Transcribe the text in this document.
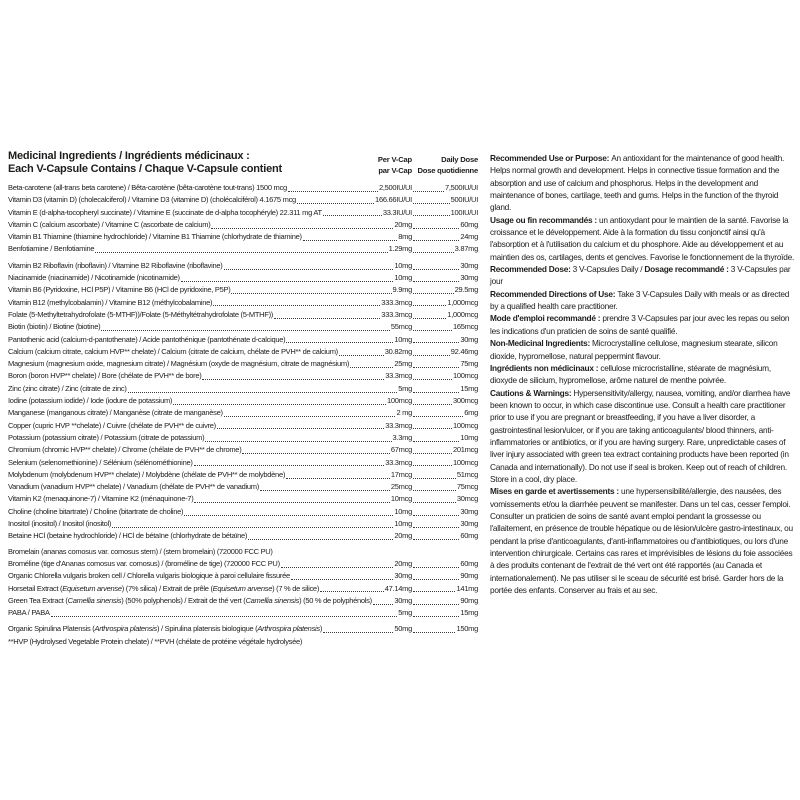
Medicinal Ingredients / Ingrédients médicinaux :
Each V-Capsule Contains / Chaque V-Capsule contient
Per V-Cap
par V-Cap
Daily Dose
Dose quotidienne
Beta-carotene (all-trans beta carotene) / Bêta-carotène (bêta-carotène tout-trans) 1500 mcg	2,500IU/UI	7,500IU/UI
Vitamin D3 (vitamin D) (cholecalciferol) / Vitamine D3 (vitamine D) (cholécalciférol) 4.1675 mcg	166.66IU/UI	500IU/UI
Vitamin E (d-alpha-tocopheryl succinate) / Vitamine E (succinate de d-alpha tocophéryle) 22.311 mg AT	33.3IU/UI	100IU/UI
Vitamin C (calcium ascorbate) / Vitamine C (ascorbate de calcium)	20mg	60mg
Vitamin B1 Thiamine (thiamine hydrochloride) / Vitamine B1 Thiamine (chlorhydrate de thiamine)	8mg	24mg
Benfotiamine / Benfotiamine	1.29mg	3.87mg
Vitamin B2 Riboflavin (riboflavin) / Vitamine B2 Riboflavine (riboflavine)	10mg	30mg
Niacinamide (niacinamide) / Nicotinamide (nicotinamide)	10mg	30mg
Vitamin B6 (Pyridoxine, HCl P5P) / Vitamine B6 (HCl de pyridoxine, P5P)	9.9mg	29.5mg
Vitamin B12 (methylcobalamin) / Vitamine B12 (méthylcobalamine)	333.3mcg	1,000mcg
Folate (5-Methyltetrahydrofolate (5-MTHF))/Folate (5-Méthyltétrahydrofolate (5-MTHF))	333.3mcg	1,000mcg
Biotin (biotin) / Biotine (biotine)	55mcg	165mcg
Pantothenic acid (calcium-d-pantothenate) / Acide pantothénique (pantothénate d-calcique)	10mg	30mg
Calcium (calcium citrate, calcium HVP** chelate) / Calcium (citrate de calcium, chélate de PVH** de calcium)	30.82mg	92.46mg
Magnesium (magnesium oxide, magnesium citrate) / Magnésium (oxyde de magnésium, citrate de magnésium)	25mg	75mg
Boron (boron HVP** chelate) / Bore (chélate de PVH** de bore)	33.3mcg	100mcg
Zinc (zinc citrate) / Zinc (citrate de zinc)	5mg	15mg
Iodine (potassium iodide) / Iode (iodure de potassium)	100mcg	300mcg
Manganese (manganous citrate) / Manganèse (citrate de manganèse)	2 mg	6mg
Copper (cupric HVP **chelate) / Cuivre (chélate de PVH** de cuivre)	33.3mcg	100mcg
Potassium (potassium citrate) / Potassium (citrate de potassium)	3.3mg	10mg
Chromium (chromic HVP** chelate) / Chrome (chélate de PVH** de chrome)	67mcg	201mcg
Selenium (selenomethionine) / Sélénium (sélénométhionine)	33.3mcg	100mcg
Molybdenum (molybdenum HVP** chelate) / Molybdène (chélate de PVH** de molybdène)	17mcg	51mcg
Vanadium (vanadium HVP** chelate) / Vanadium (chélate de PVH** de vanadium)	25mcg	75mcg
Vitamin K2 (menaquinone-7) / Vitamine K2 (ménaquinone-7)	10mcg	30mcg
Choline (choline bitartrate) / Choline (bitartrate de choline)	10mg	30mg
Inositol (inositol) / Inositol (inositol)	10mg	30mg
Betaine HCl (betaine hydrochloride) / HCl de bétaïne (chlorhydrate de bétaïne)	20mg	60mg
Bromelain (ananas comosus var. comosus stem) / (stem bromelain) (720000 FCC PU)
Broméline (tige d'Ananas comosus var. comosus) / (broméline de tige) (720000 FCC PU)	20mg	60mg
Organic Chlorella vulgaris broken cell / Chlorella vulgaris biologique à paroi cellulaire fissurée	30mg	90mg
Horsetail Extract (Equisetum arvense) (7% silica) / Extrait de prêle (Equisetum arvense) (7 % de silice)	47.14mg	141mg
Green Tea Extract (Camellia sinensis) (50% polyphenols) / Extrait de thé vert (Camellia sinensis) (50 % de polyphénols)	30mg	90mg
PABA / PABA	5mg	15mg
Organic Spirulina Platensis (Arthrospira platensis) / Spirulina platensis biologique (Arthrospira platensis)	50mg	150mg
**HVP (Hydrolysed Vegetable Protein chelate) / **PVH (chélate de protéine végétale hydrolysée)

Recommended Use or Purpose: An antioxidant for the maintenance of good health. Helps normal growth and development. Helps in connective tissue formation and the absorption and use of calcium and phosphorus. Helps in the development and maintenance of bones, cartilage, teeth and gums. Helps in the function of the thyroid gland.

Usage ou fin recommandés : un antioxydant pour le maintien de la santé. Favorise la croissance et le développement. Aide à la formation du tissu conjonctif ainsi qu'à l'absorption et à l'utilisation du calcium et du phosphore. Aide au développement et au maintien des os, cartilages, dents et gencives. Favorise le fonctionnement de la thyroïde.

Recommended Dose: 3 V-Capsules Daily / Dosage recommandé : 3 V-Capsules par jour

Recommended Directions of Use: Take 3 V-Capsules Daily with meals or as directed by a qualified health care practitioner.

Mode d'emploi recommandé : prendre 3 V-Capsules par jour avec les repas ou selon les indications d'un praticien de soins de santé qualifié.

Non-Medicinal Ingredients: Microcrystalline cellulose, magnesium stearate, silicon dioxide, hypromellose, natural peppermint flavour.

Ingrédients non médicinaux : cellulose microcristalline, stéarate de magnésium, dioxyde de silicium, hypromellose, arôme naturel de menthe poivrée.

Cautions & Warnings: Hypersensitivity/allergy, nausea, vomiting, and/or diarrhea have been known to occur, in which case discontinue use. Consult a health care practitioner prior to use if you are pregnant or breastfeeding, if you have a liver disorder, a gastrointestinal lesion/ulcer, or if you are taking anticoagulants/ blood thinners, anti-inflammatories or antibiotics, or if you are having surgery. Rare, unpredictable cases of liver injury associated with green tea extract containing products have been reported (in Canada and internationally). Do not use if seal is broken. Keep out of reach of children. Store in a cool, dry place.

Mises en garde et avertissements : une hypersensibilité/allergie, des nausées, des vomissements et/ou la diarrhée peuvent se manifester. Dans un tel cas, cesser l'emploi. Consulter un praticien de soins de santé avant emploi pendant la grossesse ou l'allaitement, en présence de trouble hépatique ou de lésion/ulcère gastro-intestinaux, ou pendant la prise d'anticoagulants, d'anti-inflammatoires ou d'antibiotiques, ou lors d'une intervention chirurgicale. Certains cas rares et imprévisibles de lésions du foie associées à des produits contenant de l'extrait de thé vert ont été rapportés (au Canada et internationalement). Ne pas utiliser si le sceau de sécurité est brisé. Garder hors de la portée des enfants. Conserver au frais et au sec.
